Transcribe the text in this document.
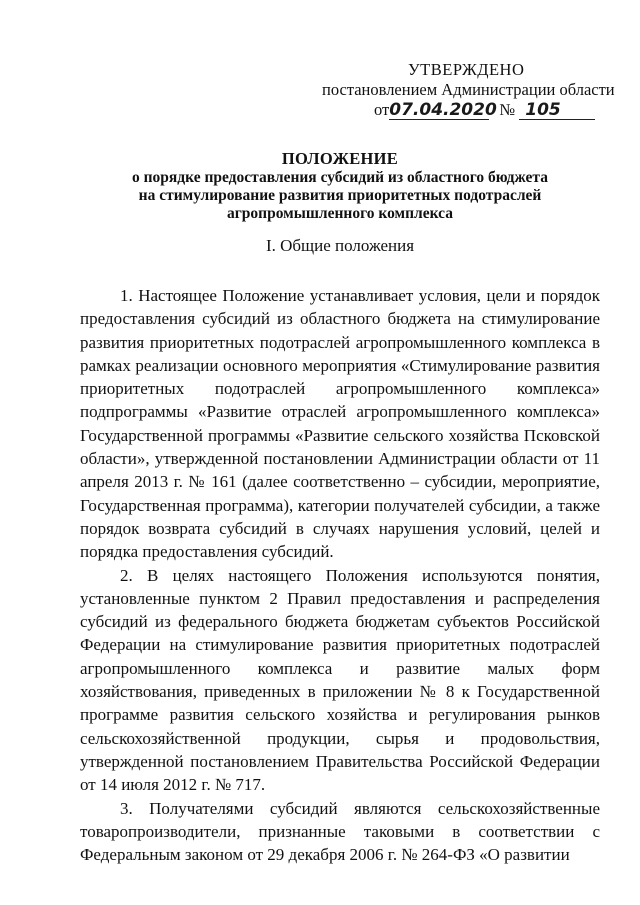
УТВЕРЖДЕНО
постановлением Администрации области
от07.04.2020 № 105
ПОЛОЖЕНИЕ
о порядке предоставления субсидий из областного бюджета
на стимулирование развития приоритетных подотраслей
агропромышленного комплекса
I. Общие положения

1. Настоящее Положение устанавливает условия, цели и порядок предоставления субсидий из областного бюджета на стимулирование развития приоритетных подотраслей агропромышленного комплекса в рамках реализации основного мероприятия «Стимулирование развития приоритетных подотраслей агропромышленного комплекса» подпрограммы «Развитие отраслей агропромышленного комплекса» Государственной программы «Развитие сельского хозяйства Псковской области», утвержденной постановлении Администрации области от 11 апреля 2013 г. № 161 (далее соответственно – субсидии, мероприятие, Государственная программа), категории получателей субсидии, а также порядок возврата субсидий в случаях нарушения условий, целей и порядка предоставления субсидий.

2. В целях настоящего Положения используются понятия, установленные пунктом 2 Правил предоставления и распределения субсидий из федерального бюджета бюджетам субъектов Российской Федерации на стимулирование развития приоритетных подотраслей агропромышленного комплекса и развитие малых форм хозяйствования, приведенных в приложении № 8 к Государственной программе развития сельского хозяйства и регулирования рынков сельскохозяйственной продукции, сырья и продовольствия, утвержденной постановлением Правительства Российской Федерации от 14 июля 2012 г. № 717.

3. Получателями субсидий являются сельскохозяйственные товаропроизводители, признанные таковыми в соответствии с Федеральным законом от 29 декабря 2006 г. № 264-ФЗ «О развитии
